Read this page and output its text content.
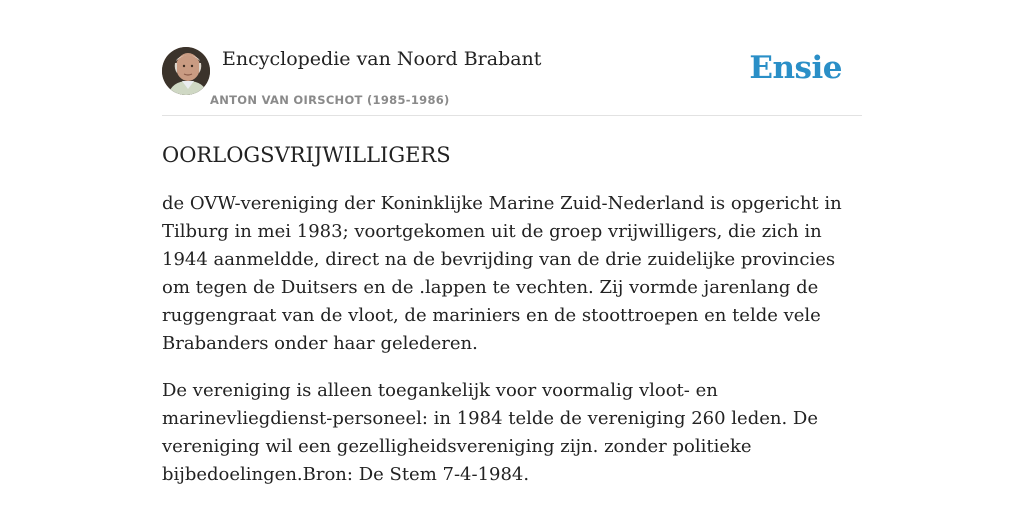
Encyclopedie van Noord Brabant
ANTON VAN OIRSCHOT (1985-1986)
Ensie
OORLOGSVRIJWILLIGERS

de OVW-vereniging der Koninklijke Marine Zuid-Nederland is opgericht in Tilburg in mei 1983; voortgekomen uit de groep vrijwilligers, die zich in 1944 aanmeldde, direct na de bevrijding van de drie zuidelijke provincies om tegen de Duitsers en de .lappen te vechten. Zij vormde jarenlang de ruggengraat van de vloot, de mariniers en de stoottroepen en telde vele Brabanders onder haar gelederen.

De vereniging is alleen toegankelijk voor voormalig vloot- en marinevliegdienst-personeel: in 1984 telde de vereniging 260 leden. De vereniging wil een gezelligheidsvereniging zijn. zonder politieke bijbedoelingen.Bron: De Stem 7-4-1984.
